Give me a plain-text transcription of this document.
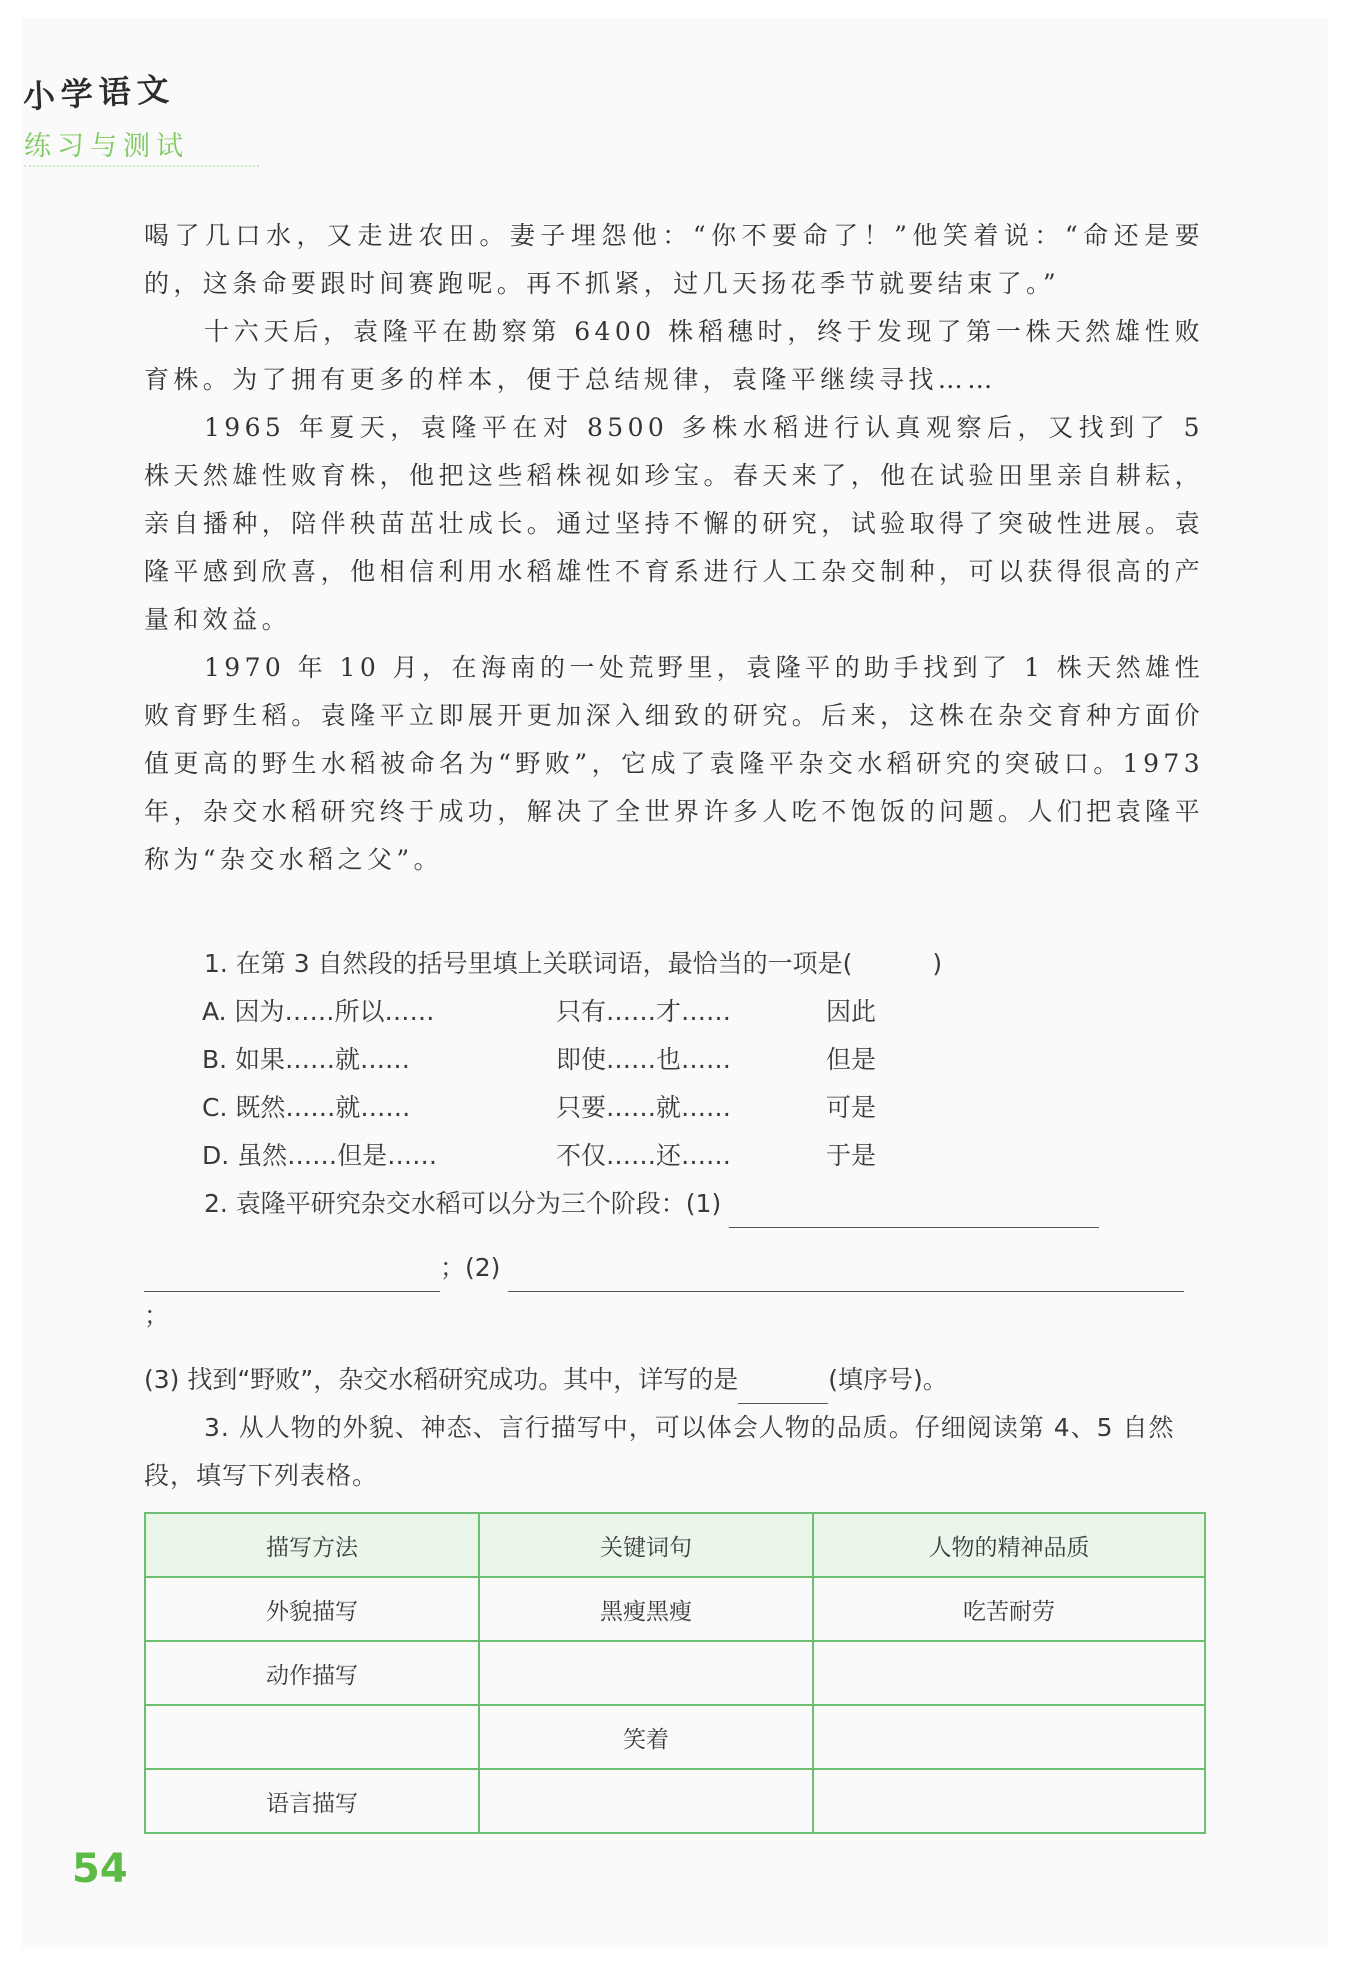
小学语文
练习与测试

喝了几口水，又走进农田。妻子埋怨他：“你不要命了！”他笑着说：“命还是要的，这条命要跟时间赛跑呢。再不抓紧，过几天扬花季节就要结束了。”

十六天后，袁隆平在勘察第 6400 株稻穗时，终于发现了第一株天然雄性败育株。为了拥有更多的样本，便于总结规律，袁隆平继续寻找……

1965 年夏天，袁隆平在对 8500 多株水稻进行认真观察后，又找到了 5 株天然雄性败育株，他把这些稻株视如珍宝。春天来了，他在试验田里亲自耕耘，亲自播种，陪伴秧苗茁壮成长。通过坚持不懈的研究，试验取得了突破性进展。袁隆平感到欣喜，他相信利用水稻雄性不育系进行人工杂交制种，可以获得很高的产量和效益。

1970 年 10 月，在海南的一处荒野里，袁隆平的助手找到了 1 株天然雄性败育野生稻。袁隆平立即展开更加深入细致的研究。后来，这株在杂交育种方面价值更高的野生水稻被命名为“野败”，它成了袁隆平杂交水稻研究的突破口。1973 年，杂交水稻研究终于成功，解决了全世界许多人吃不饱饭的问题。人们把袁隆平称为“杂交水稻之父”。

1. 在第 3 自然段的括号里填上关联词语，最恰当的一项是(	)
A. 因为……所以……	只有……才……	因此
B. 如果……就……	即使……也……	但是
C. 既然……就……	只要……就……	可是
D. 虽然……但是……	不仅……还……	于是
2. 袁隆平研究杂交水稻可以分为三个阶段：(1)
；(2) ；
(3) 找到“野败”，杂交水稻研究成功。其中，详写的是	(填序号)。
3. 从人物的外貌、神态、言行描写中，可以体会人物的品质。仔细阅读第 4、5 自然段，填写下列表格。
描写方法	关键词句	人物的精神品质
外貌描写	黑瘦黑瘦	吃苦耐劳
动作描写		
	笑着	
语言描写		
54
